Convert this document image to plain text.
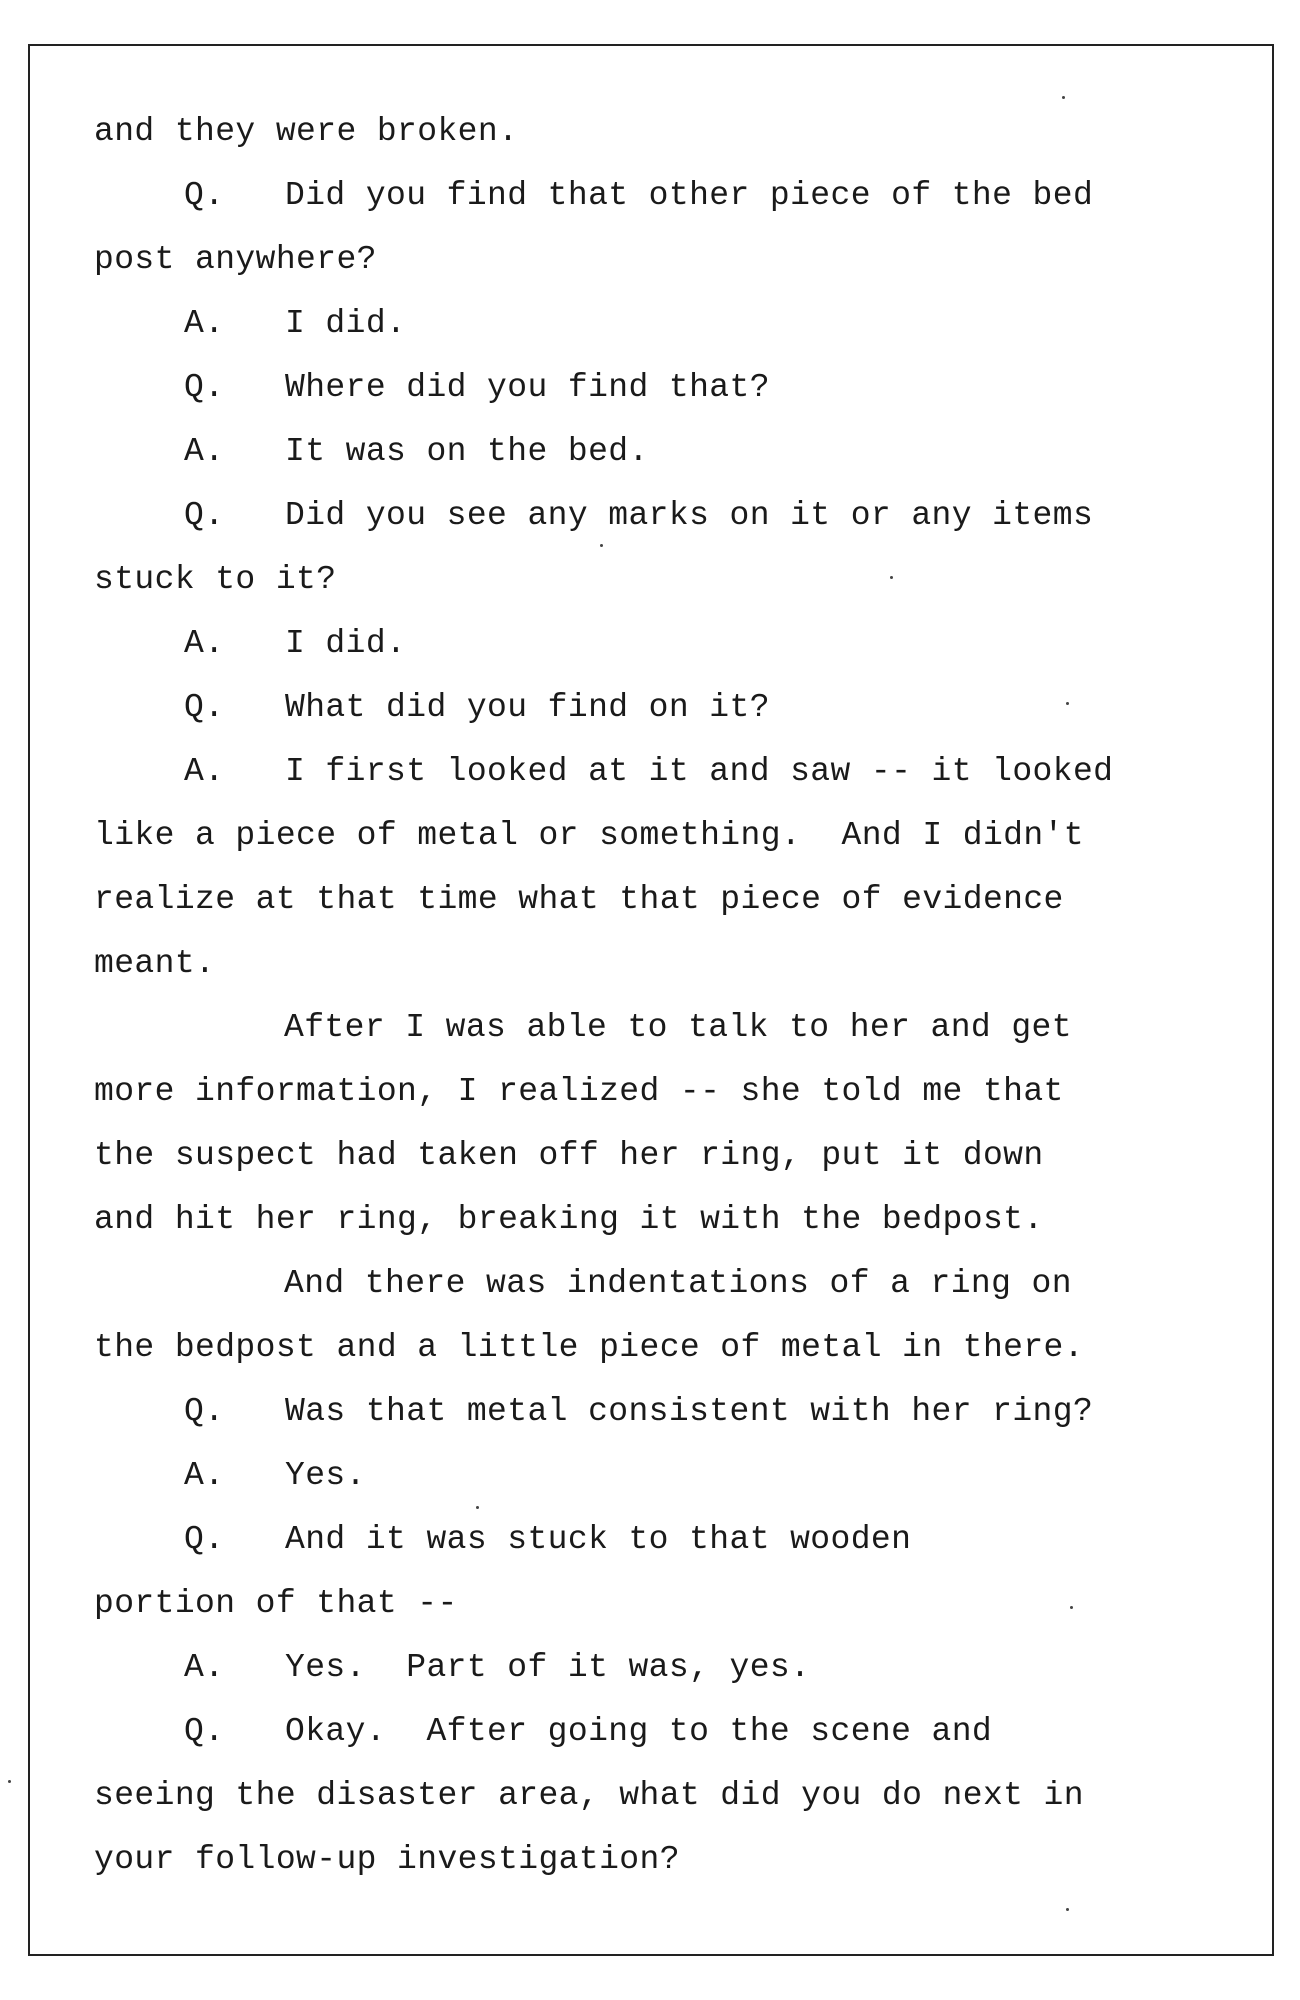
and they were broken.
Q.   Did you find that other piece of the bed
post anywhere?
A.   I did.
Q.   Where did you find that?
A.   It was on the bed.
Q.   Did you see any marks on it or any items
stuck to it?
A.   I did.
Q.   What did you find on it?
A.   I first looked at it and saw -- it looked
like a piece of metal or something.  And I didn't
realize at that time what that piece of evidence
meant.
After I was able to talk to her and get
more information, I realized -- she told me that
the suspect had taken off her ring, put it down
and hit her ring, breaking it with the bedpost.
And there was indentations of a ring on
the bedpost and a little piece of metal in there.
Q.   Was that metal consistent with her ring?
A.   Yes.
Q.   And it was stuck to that wooden
portion of that --
A.   Yes.  Part of it was, yes.
Q.   Okay.  After going to the scene and
seeing the disaster area, what did you do next in
your follow-up investigation?
